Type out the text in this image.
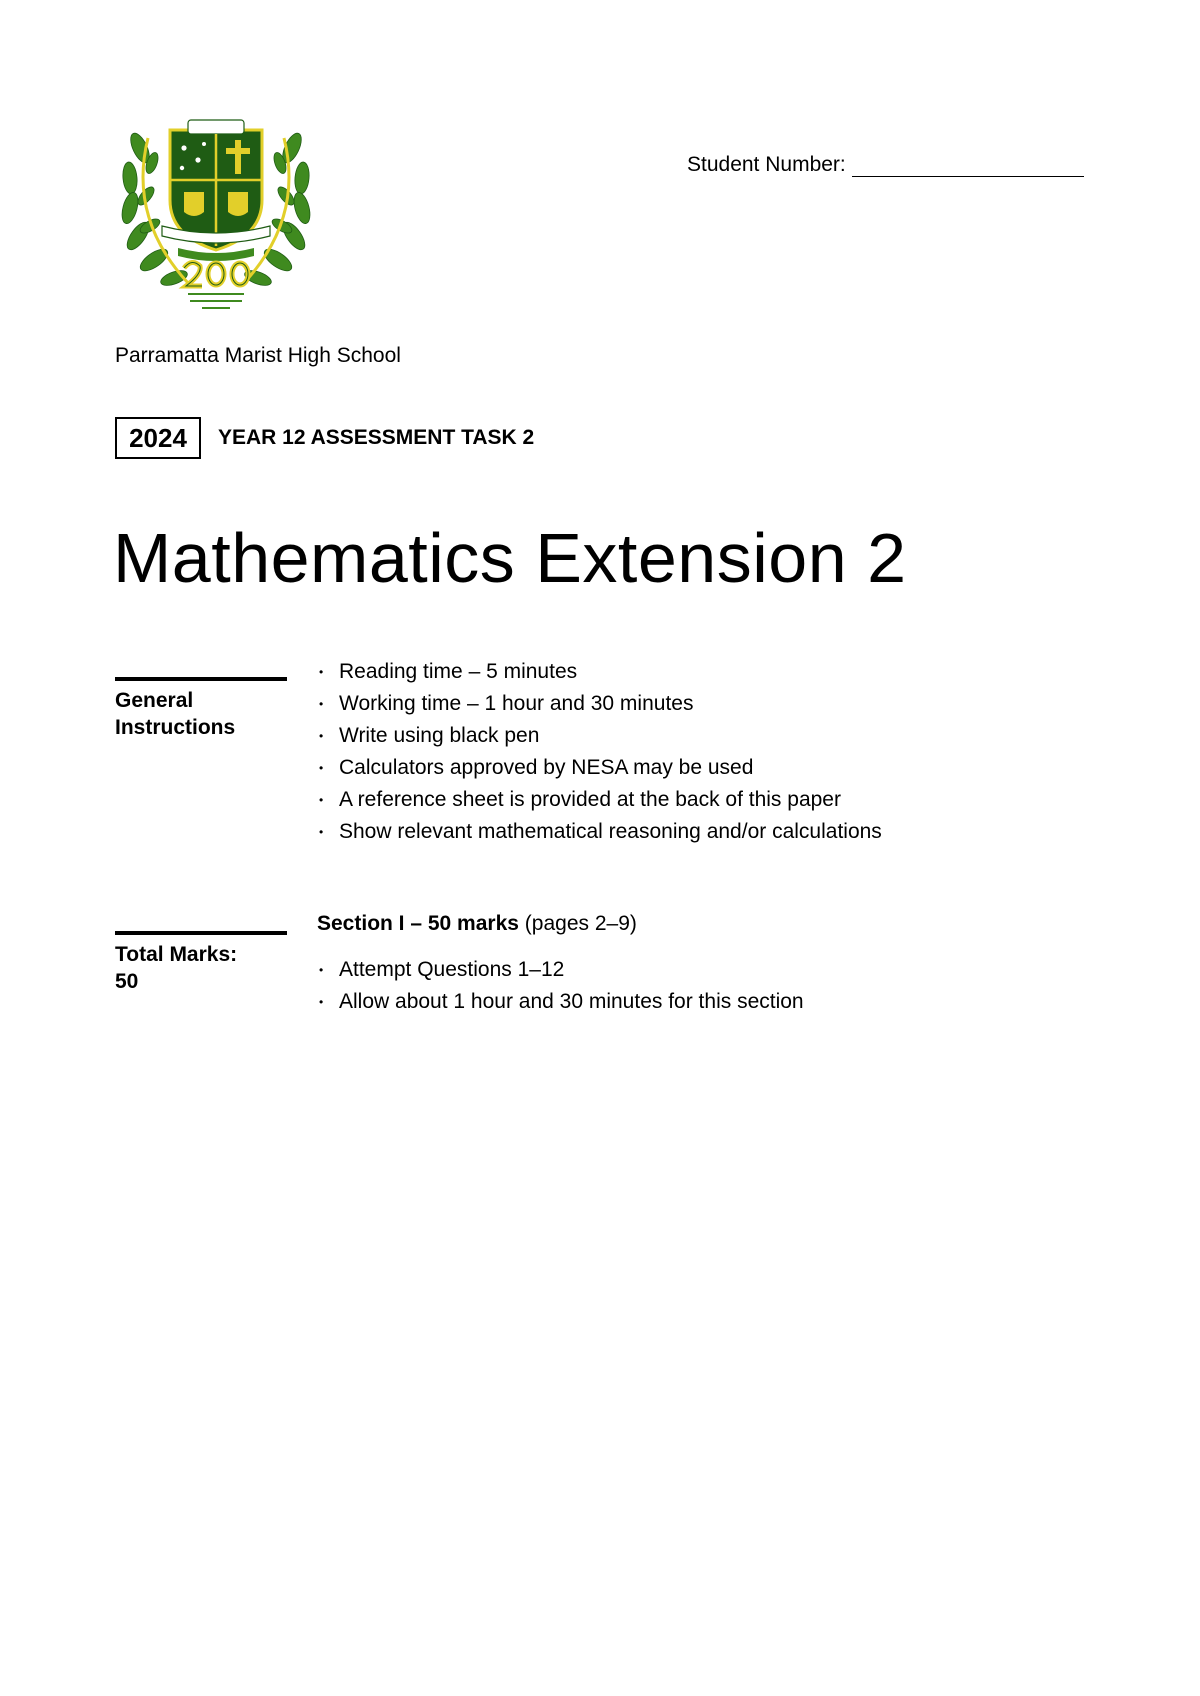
Student Number:
Parramatta Marist High School
2024	YEAR 12 ASSESSMENT TASK 2
Mathematics Extension 2
General Instructions
• Reading time – 5 minutes
• Working time – 1 hour and 30 minutes
• Write using black pen
• Calculators approved by NESA may be used
• A reference sheet is provided at the back of this paper
• Show relevant mathematical reasoning and/or calculations
Total Marks:
50
Section I – 50 marks (pages 2–9)
• Attempt Questions 1–12
• Allow about 1 hour and 30 minutes for this section
